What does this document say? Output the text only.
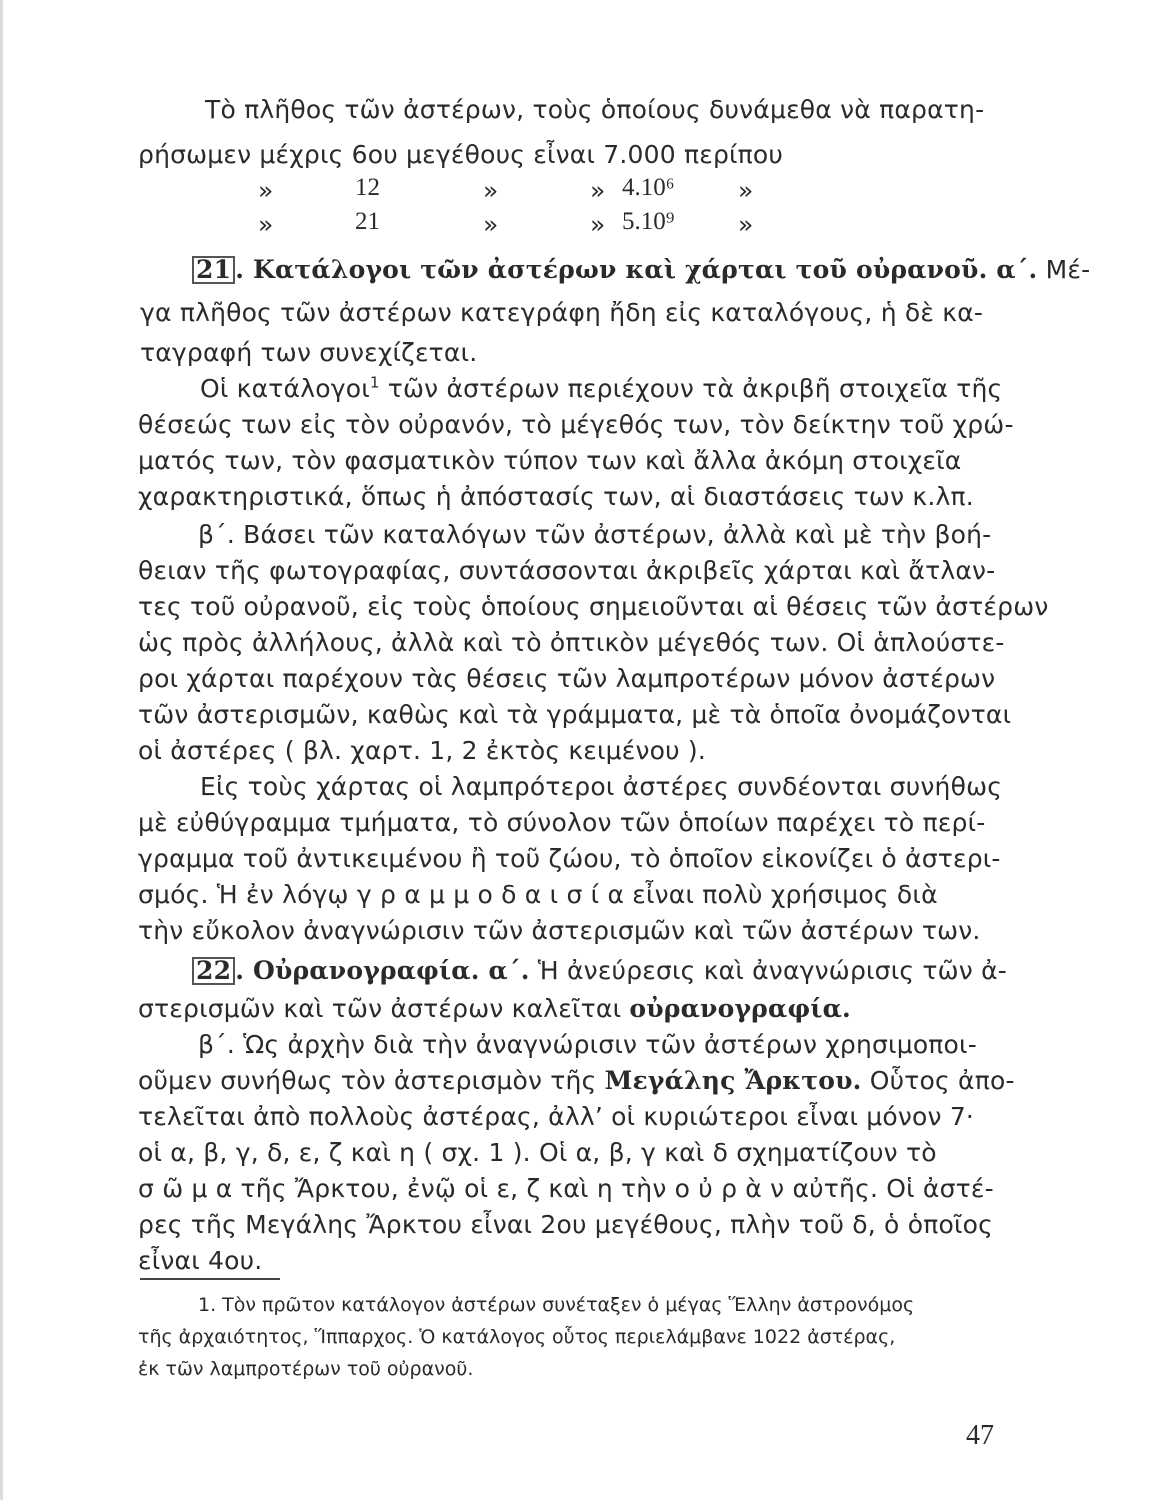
Τὸ πλῆθος τῶν ἀστέρων, τοὺς ὁποίους δυνάμεθα νὰ παρατη-
ρήσωμεν μέχρις 6ου μεγέθους εἶναι 7.000 περίπου
»	12	»	» 4.10⁶	»
»	21	»	» 5.10⁹	»
21 . Κατάλογοι τῶν ἀστέρων καὶ χάρται τοῦ οὐρανοῦ. α΄. Μέ-
γα πλῆθος τῶν ἀστέρων κατεγράφη ἤδη εἰς καταλόγους, ἡ δὲ κα-
ταγραφή των συνεχίζεται.
Οἱ κατάλογοι$^1$ τῶν ἀστέρων περιέχουν τὰ ἀκριβῆ στοιχεῖα τῆς
θέσεώς των εἰς τὸν οὐρανόν, τὸ μέγεθός των, τὸν δείκτην τοῦ χρώ-
ματός των, τὸν φασματικὸν τύπον των καὶ ἄλλα ἀκόμη στοιχεῖα
χαρακτηριστικά, ὅπως ἡ ἀπόστασίς των, αἱ διαστάσεις των κ.λπ.
β΄. Βάσει τῶν καταλόγων τῶν ἀστέρων, ἀλλὰ καὶ μὲ τὴν βοή-
θειαν τῆς φωτογραφίας, συντάσσονται ἀκριβεῖς χάρται καὶ ἄτλαν-
τες τοῦ οὐρανοῦ, εἰς τοὺς ὁποίους σημειοῦνται αἱ θέσεις τῶν ἀστέρων
ὡς πρὸς ἀλλήλους, ἀλλὰ καὶ τὸ ὀπτικὸν μέγεθός των. Οἱ ἁπλούστε-
ροι χάρται παρέχουν τὰς θέσεις τῶν λαμπροτέρων μόνον ἀστέρων
τῶν ἀστερισμῶν, καθὼς καὶ τὰ γράμματα, μὲ τὰ ὁποῖα ὀνομάζονται
οἱ ἀστέρες ( βλ. χαρτ. 1, 2 ἐκτὸς κειμένου ).
Εἰς τοὺς χάρτας οἱ λαμπρότεροι ἀστέρες συνδέονται συνήθως
μὲ εὐθύγραμμα τμήματα, τὸ σύνολον τῶν ὁποίων παρέχει τὸ περί-
γραμμα τοῦ ἀντικειμένου ἢ τοῦ ζώου, τὸ ὁποῖον εἰκονίζει ὁ ἀστερι-
σμός. Ἡ ἐν λόγῳ γ ρ α μ μ ο δ α ι σ ί α εἶναι πολὺ χρήσιμος διὰ
τὴν εὔκολον ἀναγνώρισιν τῶν ἀστερισμῶν καὶ τῶν ἀστέρων των.
22 . Οὐρανογραφία. α΄. Ἡ ἀνεύρεσις καὶ ἀναγνώρισις τῶν ἀ-
στερισμῶν καὶ τῶν ἀστέρων καλεῖται οὐρανογραφία.
β΄. Ὡς ἀρχὴν διὰ τὴν ἀναγνώρισιν τῶν ἀστέρων χρησιμοποι-
οῦμεν συνήθως τὸν ἀστερισμὸν τῆς Μεγάλης Ἄρκτου. Οὗτος ἀπο-
τελεῖται ἀπὸ πολλοὺς ἀστέρας, ἀλλ’ οἱ κυριώτεροι εἶναι μόνον 7·
οἱ α, β, γ, δ, ε, ζ καὶ η ( σχ. 1 ). Οἱ α, β, γ καὶ δ σχηματίζουν τὸ
σ ῶ μ α τῆς Ἄρκτου, ἐνῷ οἱ ε, ζ καὶ η τὴν ο ὐ ρ ὰ ν αὐτῆς. Οἱ ἀστέ-
ρες τῆς Μεγάλης Ἄρκτου εἶναι 2ου μεγέθους, πλὴν τοῦ δ, ὁ ὁποῖος
εἶναι 4ου.
1. Τὸν πρῶτον κατάλογον ἀστέρων συνέταξεν ὁ μέγας Ἕλλην ἀστρονόμος
τῆς ἀρχαιότητος, Ἵππαρχος. Ὁ κατάλογος οὗτος περιελάμβανε 1022 ἀστέρας,
ἐκ τῶν λαμπροτέρων τοῦ οὐρανοῦ.
47
